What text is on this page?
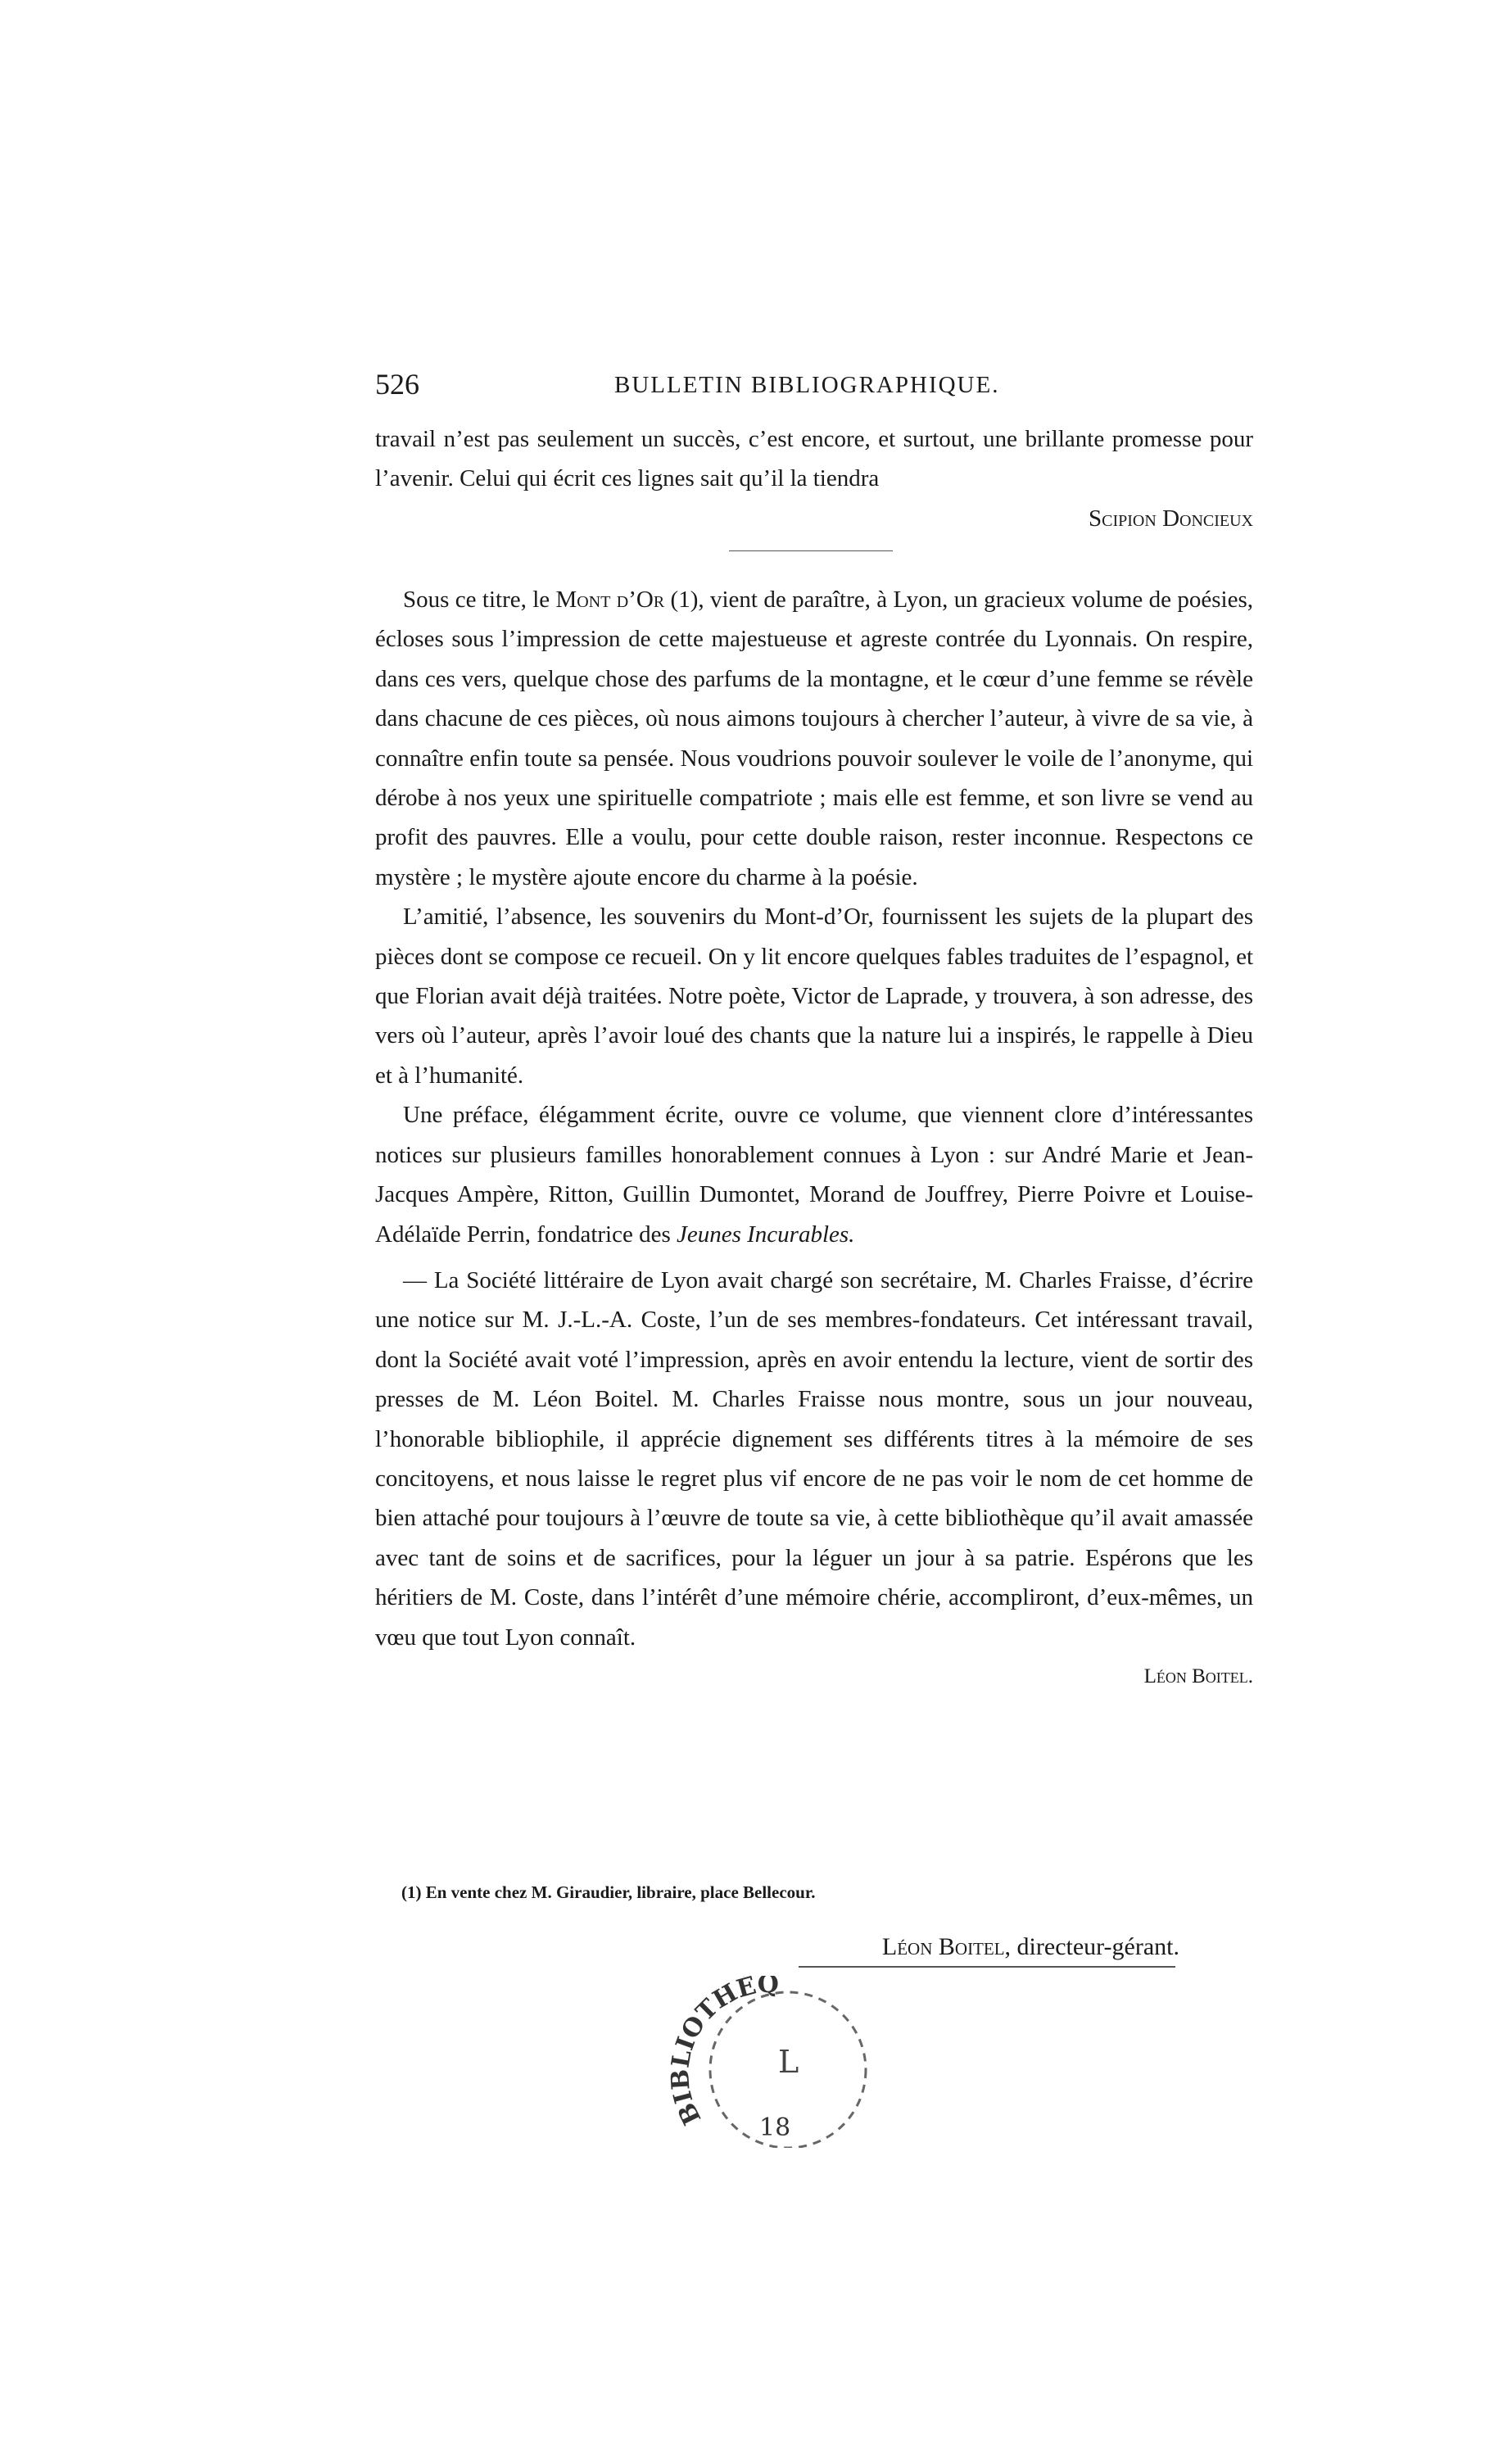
526	BULLETIN BIBLIOGRAPHIQUE.

travail n’est pas seulement un succès, c’est encore, et surtout, une brillante promesse pour l’avenir. Celui qui écrit ces lignes sait qu’il la tiendra

Scipion Doncieux

Sous ce titre, le Mont d’Or (1), vient de paraître, à Lyon, un gracieux volume de poésies, écloses sous l’impression de cette majestueuse et agreste contrée du Lyonnais. On respire, dans ces vers, quelque chose des parfums de la montagne, et le cœur d’une femme se révèle dans chacune de ces pièces, où nous aimons toujours à chercher l’auteur, à vivre de sa vie, à connaître enfin toute sa pensée. Nous voudrions pouvoir soulever le voile de l’anonyme, qui dérobe à nos yeux une spirituelle compatriote ; mais elle est femme, et son livre se vend au profit des pauvres. Elle a voulu, pour cette double raison, rester inconnue. Respectons ce mystère ; le mystère ajoute encore du charme à la poésie.

L’amitié, l’absence, les souvenirs du Mont-d’Or, fournissent les sujets de la plupart des pièces dont se compose ce recueil. On y lit encore quelques fables traduites de l’espagnol, et que Florian avait déjà traitées. Notre poète, Victor de Laprade, y trouvera, à son adresse, des vers où l’auteur, après l’avoir loué des chants que la nature lui a inspirés, le rappelle à Dieu et à l’humanité.

Une préface, élégamment écrite, ouvre ce volume, que viennent clore d’intéressantes notices sur plusieurs familles honorablement connues à Lyon : sur André Marie et Jean-Jacques Ampère, Ritton, Guillin Dumontet, Morand de Jouffrey, Pierre Poivre et Louise-Adélaïde Perrin, fondatrice des Jeunes Incurables.

— La Société littéraire de Lyon avait chargé son secrétaire, M. Charles Fraisse, d’écrire une notice sur M. J.-L.-A. Coste, l’un de ses membres-fondateurs. Cet intéressant travail, dont la Société avait voté l’impression, après en avoir entendu la lecture, vient de sortir des presses de M. Léon Boitel. M. Charles Fraisse nous montre, sous un jour nouveau, l’honorable bibliophile, il apprécie dignement ses différents titres à la mémoire de ses concitoyens, et nous laisse le regret plus vif encore de ne pas voir le nom de cet homme de bien attaché pour toujours à l’œuvre de toute sa vie, à cette bibliothèque qu’il avait amassée avec tant de soins et de sacrifices, pour la léguer un jour à sa patrie. Espérons que les héritiers de M. Coste, dans l’intérêt d’une mémoire chérie, accompliront, d’eux-mêmes, un vœu que tout Lyon connaît.

Léon Boitel.

(1) En vente chez M. Giraudier, libraire, place Bellecour.
Léon Boitel, directeur-gérant.
BIBLIOTHÈQ
L
18
